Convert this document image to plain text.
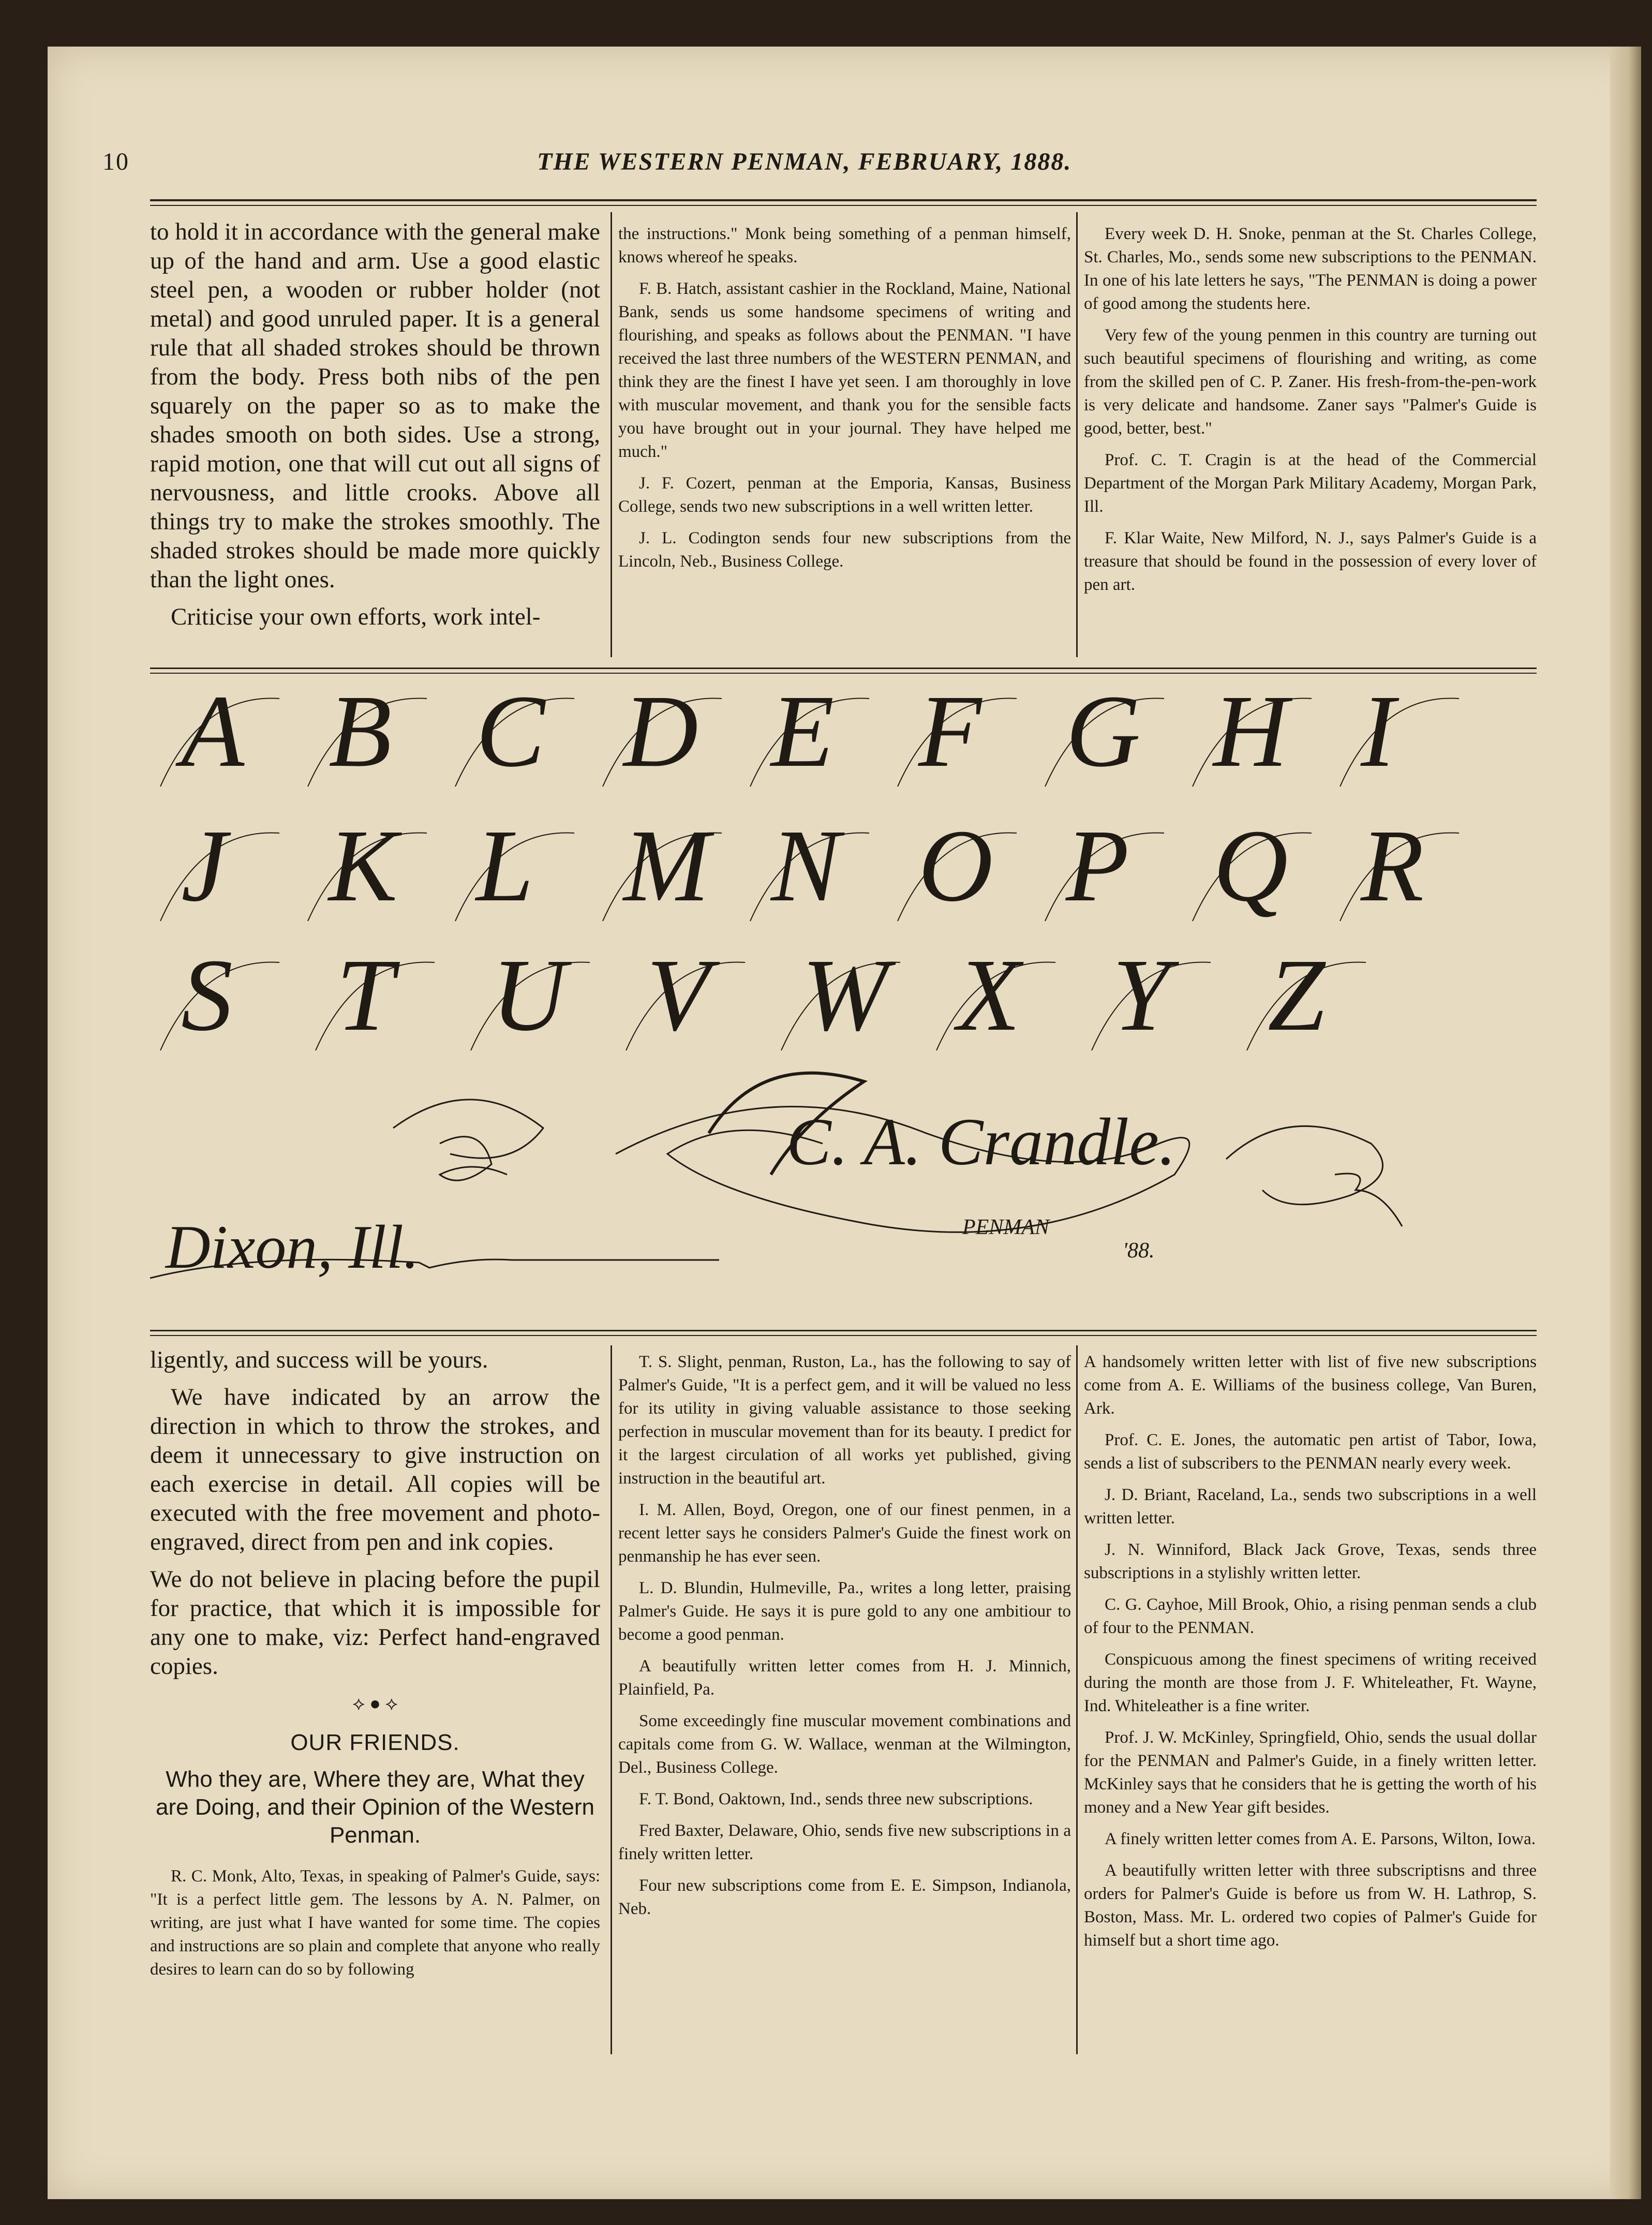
10	THE WESTERN PENMAN, FEBRUARY, 1888.

to hold it in accordance with the general make up of the hand and arm. Use a good elastic steel pen, a wooden or rubber holder (not metal) and good unruled paper. It is a general rule that all shaded strokes should be thrown from the body. Press both nibs of the pen squarely on the paper so as to make the shades smooth on both sides. Use a strong, rapid motion, one that will cut out all signs of nervousness, and little crooks. Above all things try to make the strokes smoothly. The shaded strokes should be made more quickly than the light ones.

Criticise your own efforts, work intel-

the instructions." Monk being something of a penman himself, knows whereof he speaks.

F. B. Hatch, assistant cashier in the Rockland, Maine, National Bank, sends us some handsome specimens of writing and flourishing, and speaks as follows about the PENMAN. "I have received the last three numbers of the WESTERN PENMAN, and think they are the finest I have yet seen. I am thoroughly in love with muscular movement, and thank you for the sensible facts you have brought out in your journal. They have helped me much."

J. F. Cozert, penman at the Emporia, Kansas, Business College, sends two new subscriptions in a well written letter.

J. L. Codington sends four new subscriptions from the Lincoln, Neb., Business College.

Every week D. H. Snoke, penman at the St. Charles College, St. Charles, Mo., sends some new subscriptions to the PENMAN. In one of his late letters he says, "The PENMAN is doing a power of good among the students here.

Very few of the young penmen in this country are turning out such beautiful specimens of flourishing and writing, as come from the skilled pen of C. P. Zaner. His fresh-from-the-pen-work is very delicate and handsome. Zaner says "Palmer's Guide is good, better, best."

Prof. C. T. Cragin is at the head of the Commercial Department of the Morgan Park Military Academy, Morgan Park, Ill.

F. Klar Waite, New Milford, N. J., says Palmer's Guide is a treasure that should be found in the possession of every lover of pen art.

A B C D E F G H I
J K L M N O P Q R
S T U V W X Y Z
C. A. Crandle.
Dixon, Ill.	PENMAN
'88.

ligently, and success will be yours.

We have indicated by an arrow the direction in which to throw the strokes, and deem it unnecessary to give instruction on each exercise in detail. All copies will be executed with the free movement and photo-engraved, direct from pen and ink copies.

We do not believe in placing before the pupil for practice, that which it is impossible for any one to make, viz: Perfect hand-engraved copies.

⟡ ● ⟡
OUR FRIENDS.
Who they are, Where they are, What they are Doing, and their Opinion of the Western Penman.

R. C. Monk, Alto, Texas, in speaking of Palmer's Guide, says: "It is a perfect little gem. The lessons by A. N. Palmer, on writing, are just what I have wanted for some time. The copies and instructions are so plain and complete that anyone who really desires to learn can do so by following

T. S. Slight, penman, Ruston, La., has the following to say of Palmer's Guide, "It is a perfect gem, and it will be valued no less for its utility in giving valuable assistance to those seeking perfection in muscular movement than for its beauty. I predict for it the largest circulation of all works yet published, giving instruction in the beautiful art.

I. M. Allen, Boyd, Oregon, one of our finest penmen, in a recent letter says he considers Palmer's Guide the finest work on penmanship he has ever seen.

L. D. Blundin, Hulmeville, Pa., writes a long letter, praising Palmer's Guide. He says it is pure gold to any one ambitiour to become a good penman.

A beautifully written letter comes from H. J. Minnich, Plainfield, Pa.

Some exceedingly fine muscular movement combinations and capitals come from G. W. Wallace, wenman at the Wilmington, Del., Business College.

F. T. Bond, Oaktown, Ind., sends three new subscriptions.

Fred Baxter, Delaware, Ohio, sends five new subscriptions in a finely written letter.

Four new subscriptions come from E. E. Simpson, Indianola, Neb.

A handsomely written letter with list of five new subscriptions come from A. E. Williams of the business college, Van Buren, Ark.

Prof. C. E. Jones, the automatic pen artist of Tabor, Iowa, sends a list of subscribers to the PENMAN nearly every week.

J. D. Briant, Raceland, La., sends two subscriptions in a well written letter.

J. N. Winniford, Black Jack Grove, Texas, sends three subscriptions in a stylishly written letter.

C. G. Cayhoe, Mill Brook, Ohio, a rising penman sends a club of four to the PENMAN.

Conspicuous among the finest specimens of writing received during the month are those from J. F. Whiteleather, Ft. Wayne, Ind. Whiteleather is a fine writer.

Prof. J. W. McKinley, Springfield, Ohio, sends the usual dollar for the PENMAN and Palmer's Guide, in a finely written letter. McKinley says that he considers that he is getting the worth of his money and a New Year gift besides.

A finely written letter comes from A. E. Parsons, Wilton, Iowa.

A beautifully written letter with three subscriptisns and three orders for Palmer's Guide is before us from W. H. Lathrop, S. Boston, Mass. Mr. L. ordered two copies of Palmer's Guide for himself but a short time ago.
